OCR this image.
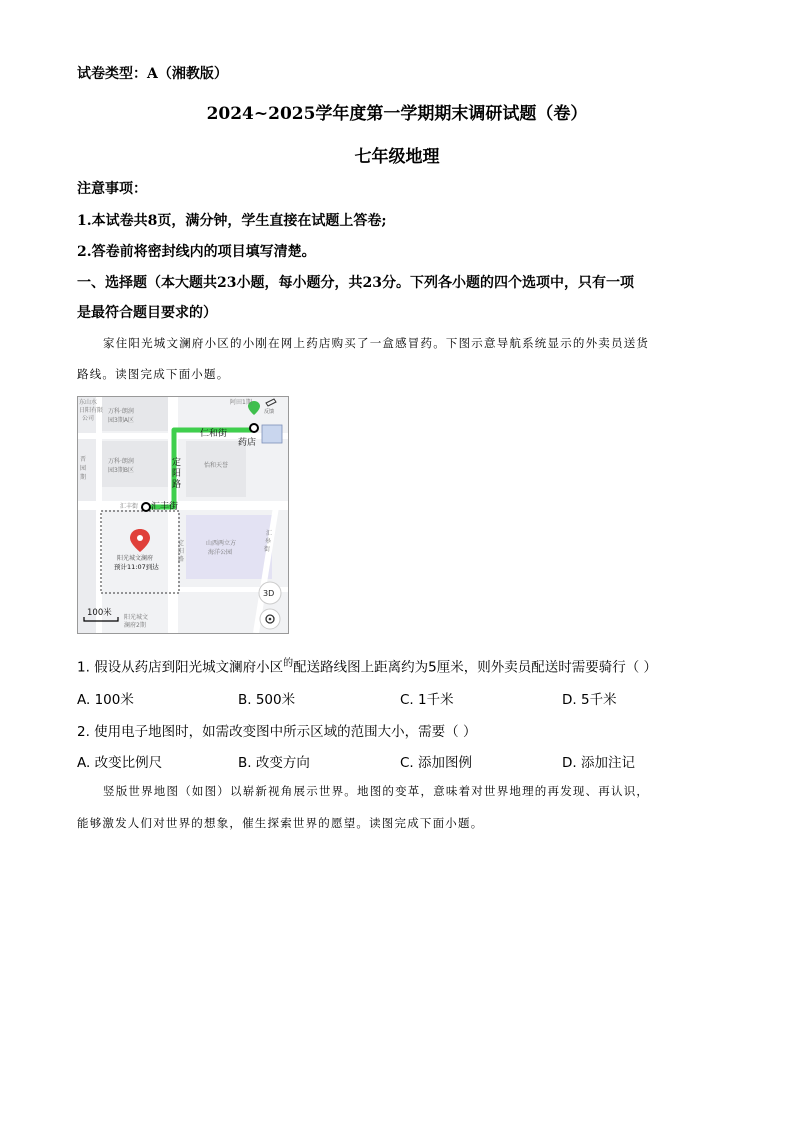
试卷类型：A（湘教版）
2024~2025学年度第一学期期末调研试题（卷）
七年级地理
注意事项：
1.本试卷共8页，满分钟，学生直接在试题上答卷;
2.答卷前将密封线内的项目填写清楚。
一、选择题（本大题共23小题，每小题分，共23分。下列各小题的四个选项中，只有一项
是最符合题目要求的）
家住阳光城文澜府小区的小刚在网上药店购买了一盒感冒药。下图示意导航系统显示的外卖员送货
路线。读图完成下面小题。
东山水
日阳有限
公司
万科·朗润
园3期A区
万科·朗润
园3期B区
晋
园
期
仁和街
药店
定
阳
路
怡和天誉
汇丰街 汇丰街
阳光城文澜府
预计11:07到达
定
阳
路
山西两立方
海洋公园
汇
皋
街
阿田1期
100米 阳光城文
澜府2期
3D
反馈
1. 假设从药店到阳光城文澜府小区$^的$配送路线图上距离约为5厘米，则外卖员配送时需要骑行（ ）
A. 100米	B. 500米	C. 1千米	D. 5千米
2. 使用电子地图时，如需改变图中所示区域的范围大小，需要（ ）
A. 改变比例尺	B. 改变方向	C. 添加图例	D. 添加注记
竖版世界地图（如图）以崭新视角展示世界。地图的变革，意味着对世界地理的再发现、再认识，
能够激发人们对世界的想象，催生探索世界的愿望。读图完成下面小题。
